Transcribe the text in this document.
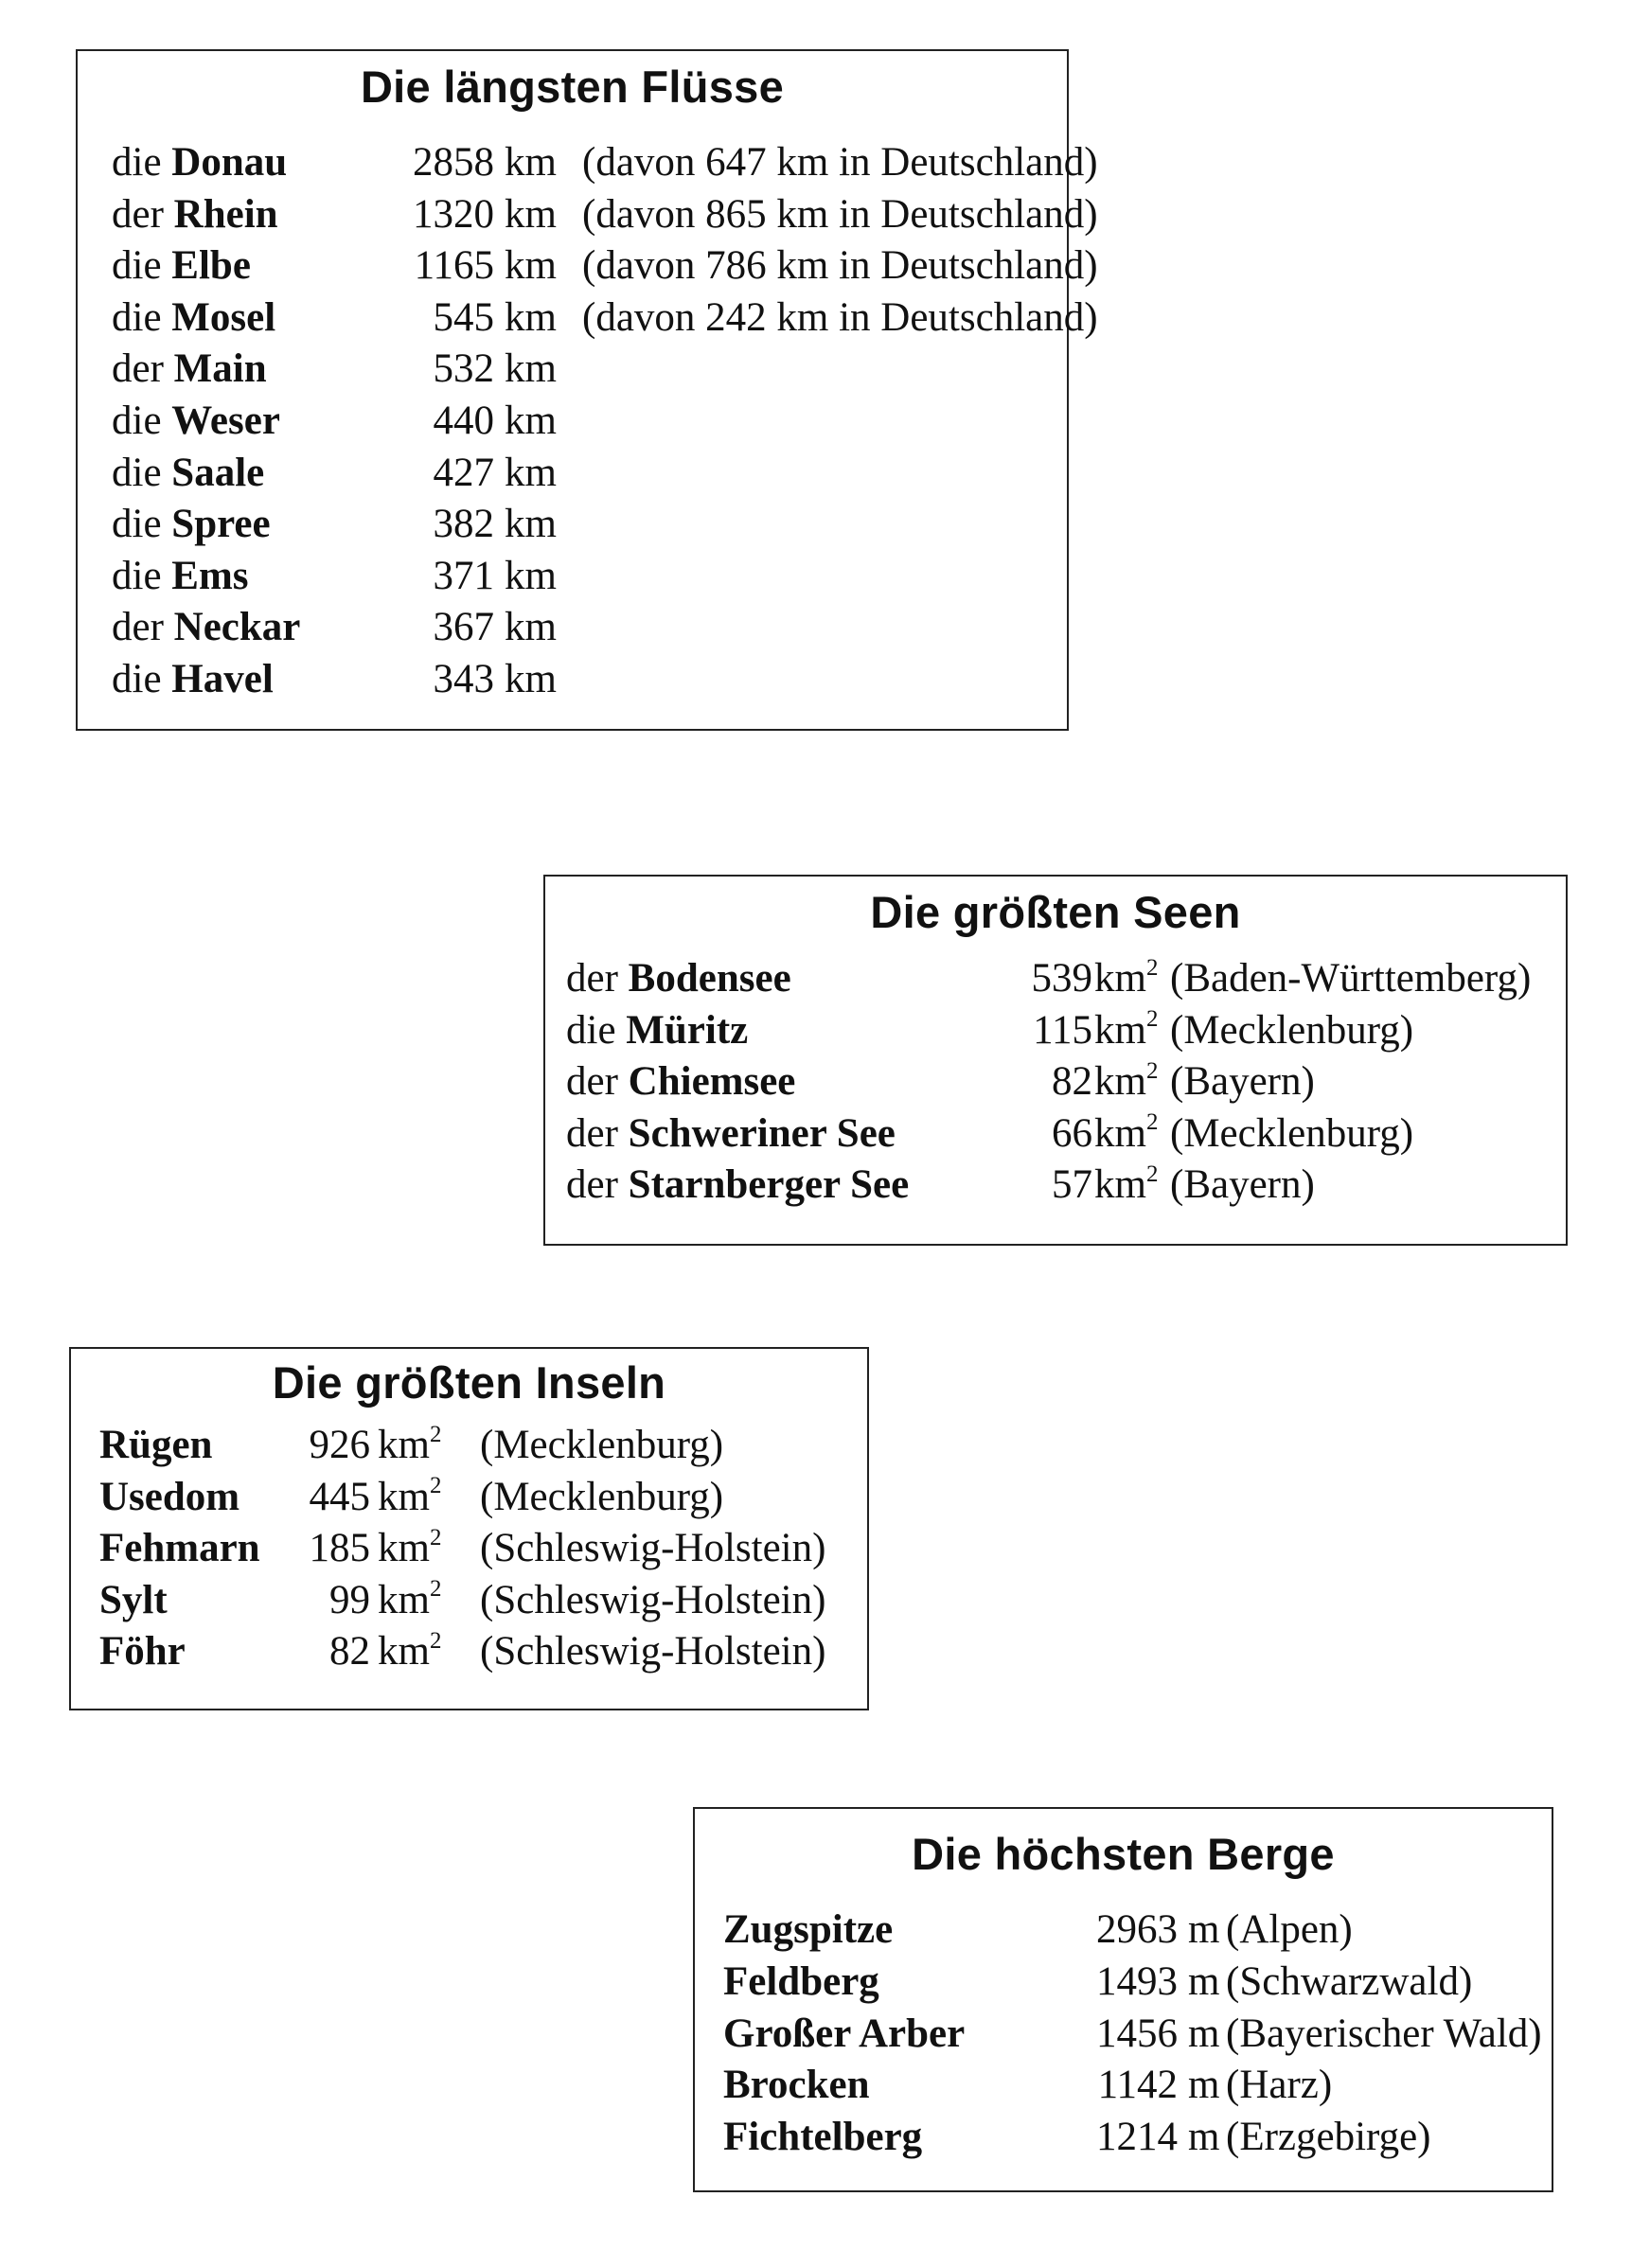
Die längsten Flüsse
die Donau	2858 km (davon 647 km in Deutschland)
der Rhein	1320 km (davon 865 km in Deutschland)
die Elbe	1165 km (davon 786 km in Deutschland)
die Mosel	545 km (davon 242 km in Deutschland)
der Main	532 km
die Weser	440 km
die Saale	427 km
die Spree	382 km
die Ems	371 km
der Neckar	367 km
die Havel	343 km
Die größten Seen
der Bodensee	539 $km^2$ (Baden-Württemberg)
die Müritz	115 $km^2$ (Mecklenburg)
der Chiemsee	82 $km^2$ (Bayern)
der Schweriner See	66 $km^2$ (Mecklenburg)
der Starnberger See	57 $km^2$ (Bayern)
Die größten Inseln
Rügen	926 $km^2$ (Mecklenburg)
Usedom	445 $km^2$ (Mecklenburg)
Fehmarn	185 $km^2$ (Schleswig-Holstein)
Sylt	99 $km^2$ (Schleswig-Holstein)
Föhr	82 $km^2$ (Schleswig-Holstein)
Die höchsten Berge
Zugspitze	2963 m (Alpen)
Feldberg	1493 m (Schwarzwald)
Großer Arber	1456 m (Bayerischer Wald)
Brocken	1142 m (Harz)
Fichtelberg	1214 m (Erzgebirge)
